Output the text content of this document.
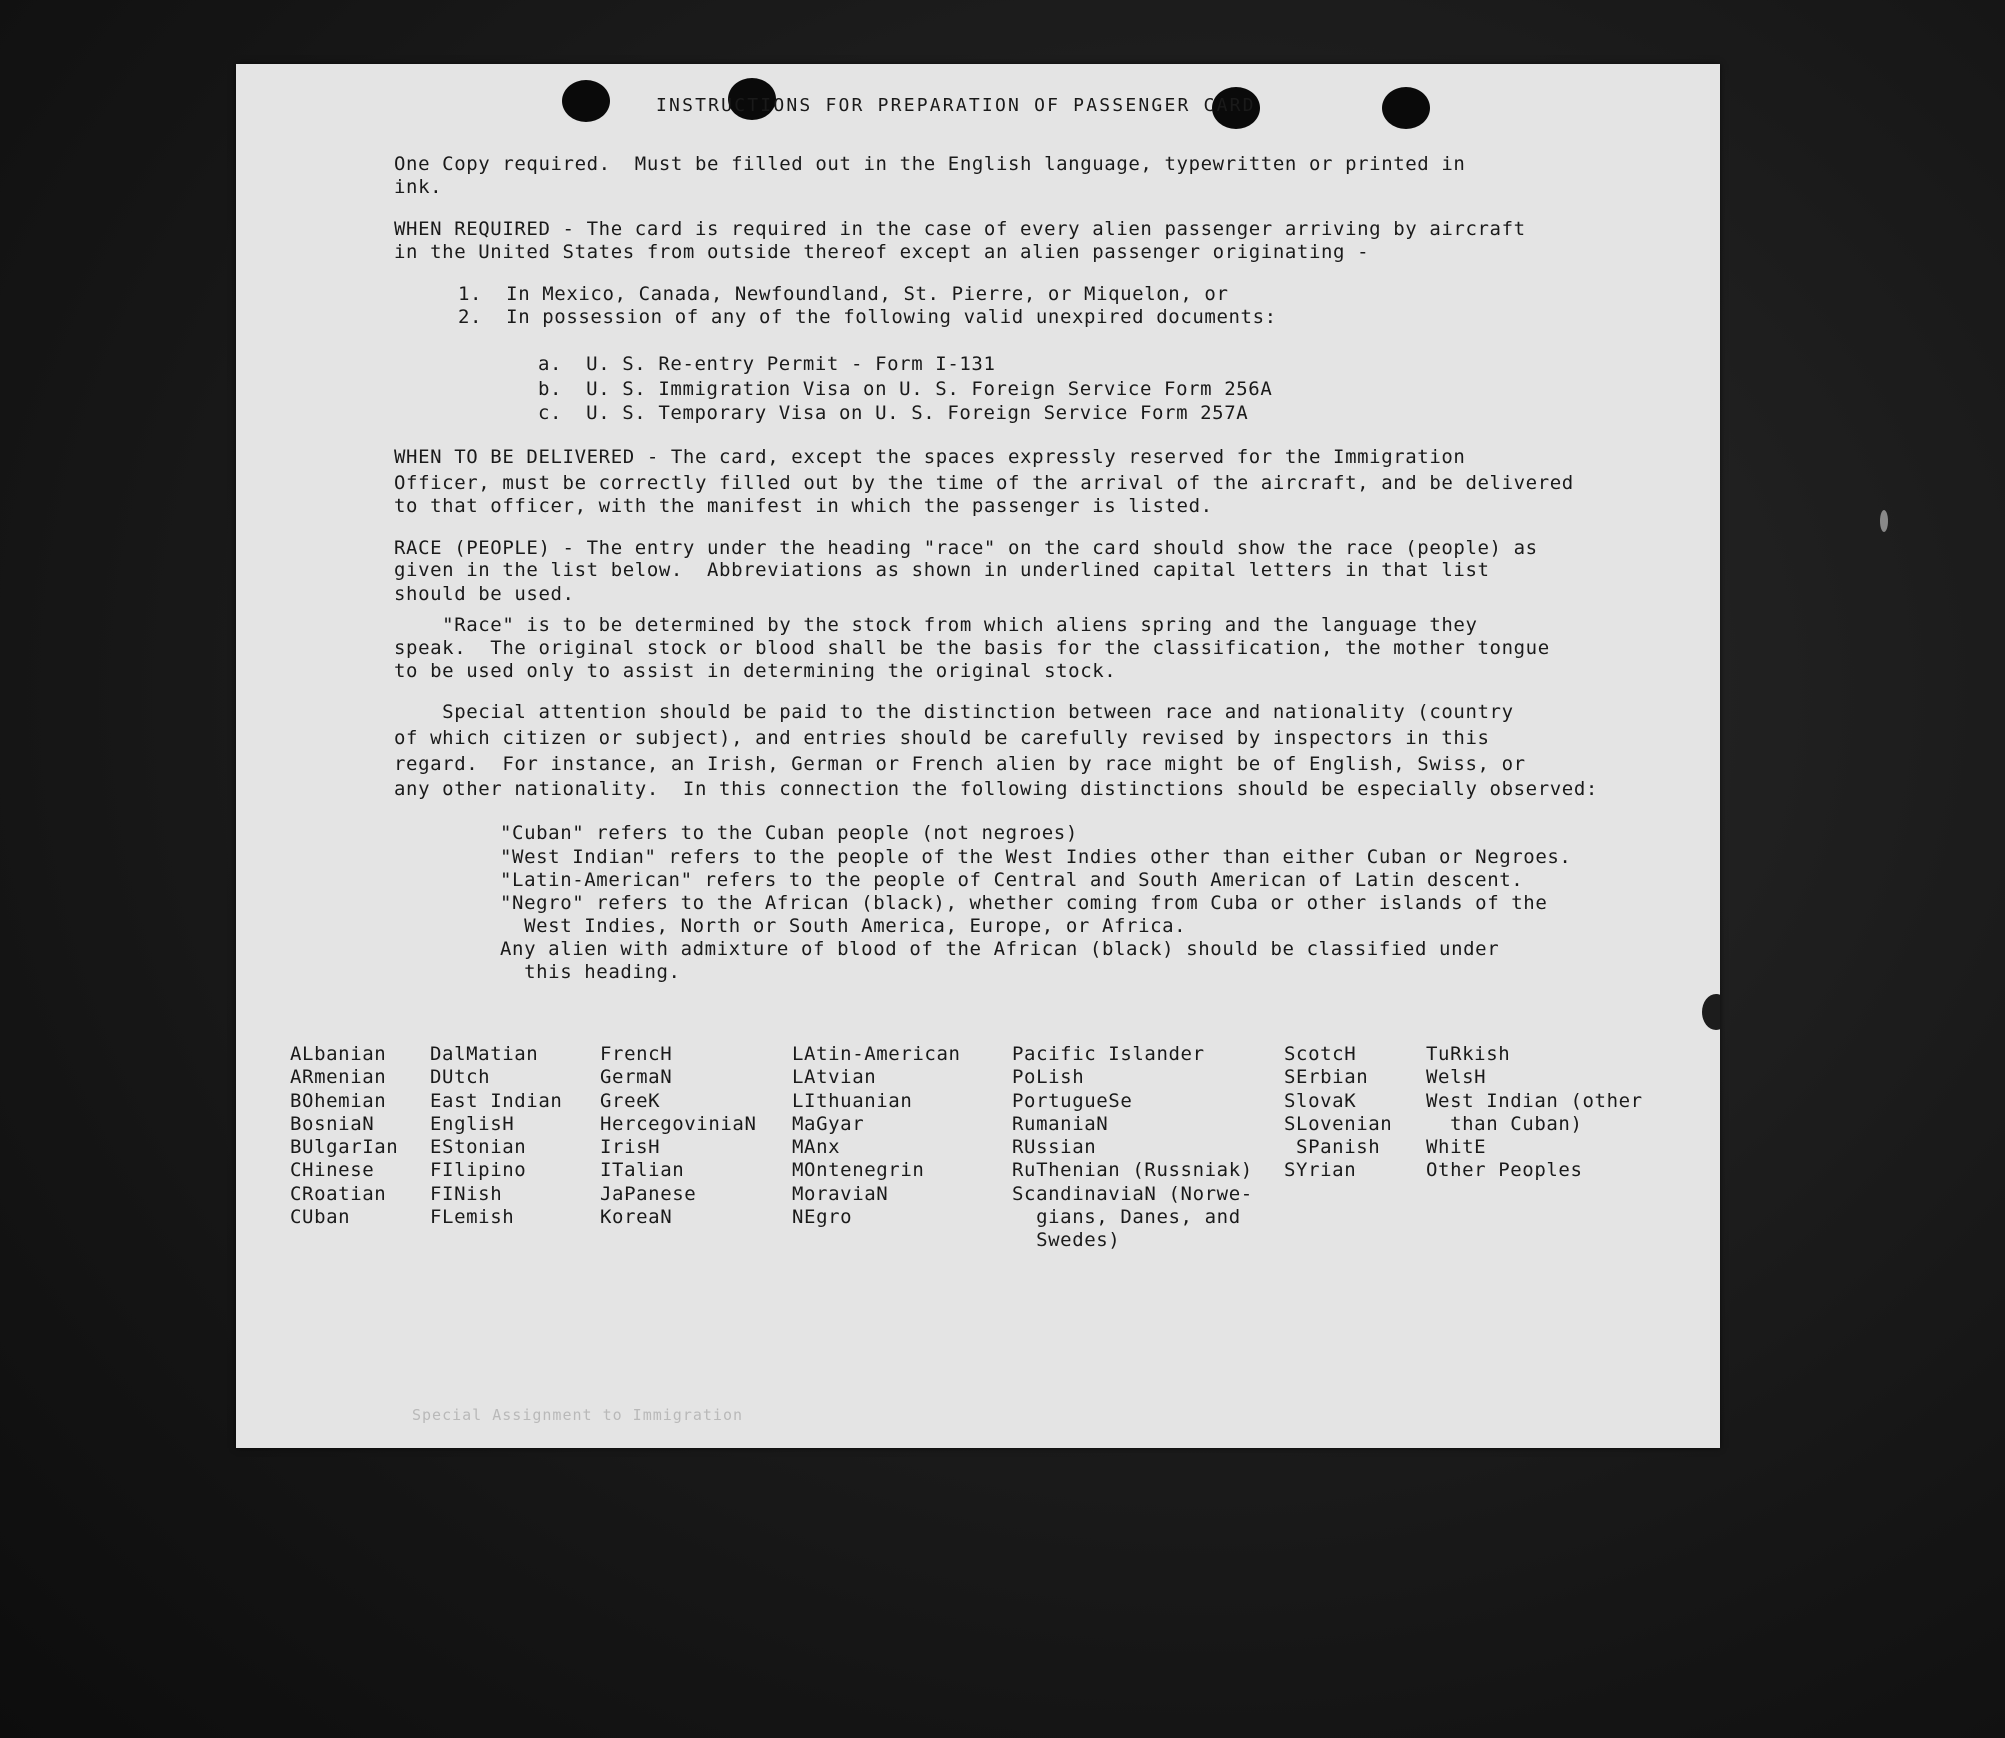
INSTRUCTIONS FOR PREPARATION OF PASSENGER CARD
One Copy required.  Must be filled out in the English language, typewritten or printed in
ink.
WHEN REQUIRED - The card is required in the case of every alien passenger arriving by aircraft
in the United States from outside thereof except an alien passenger originating -
1.  In Mexico, Canada, Newfoundland, St. Pierre, or Miquelon, or
2.  In possession of any of the following valid unexpired documents:
a.  U. S. Re-entry Permit - Form I-131
b.  U. S. Immigration Visa on U. S. Foreign Service Form 256A
c.  U. S. Temporary Visa on U. S. Foreign Service Form 257A
WHEN TO BE DELIVERED - The card, except the spaces expressly reserved for the Immigration
Officer, must be correctly filled out by the time of the arrival of the aircraft, and be delivered
to that officer, with the manifest in which the passenger is listed.
RACE (PEOPLE) - The entry under the heading "race" on the card should show the race (people) as
given in the list below.  Abbreviations as shown in underlined capital letters in that list
should be used.
"Race" is to be determined by the stock from which aliens spring and the language they
speak.  The original stock or blood shall be the basis for the classification, the mother tongue
to be used only to assist in determining the original stock.
Special attention should be paid to the distinction between race and nationality (country
of which citizen or subject), and entries should be carefully revised by inspectors in this
regard.  For instance, an Irish, German or French alien by race might be of English, Swiss, or
any other nationality.  In this connection the following distinctions should be especially observed:
"Cuban" refers to the Cuban people (not negroes)
"West Indian" refers to the people of the West Indies other than either Cuban or Negroes.
"Latin-American" refers to the people of Central and South American of Latin descent.
"Negro" refers to the African (black), whether coming from Cuba or other islands of the
West Indies, North or South America, Europe, or Africa.
Any alien with admixture of blood of the African (black) should be classified under
this heading.
ALbanian
ARmenian
BOhemian
BosniaN
BUlgarIan
CHinese
CRoatian
CUban
DalMatian
DUtch
East Indian
EnglisH
EStonian
FIlipino
FINish
FLemish
FrencH
GermaN
GreeK
HercegoviniaN
IrisH
ITalian
JaPanese
KoreaN
LAtin-American
LAtvian
LIthuanian
MaGyar
MAnx
MOntenegrin
MoraviaN
NEgro
Pacific Islander
PoLish
PortugueSe
RumaniaN
RUssian
RuThenian (Russniak)
ScandinaviaN (Norwe-
gians, Danes, and
Swedes)
ScotcH
SErbian
SlovaK
SLovenian
SPanish
SYrian
TuRkish
WelsH
West Indian (other
than Cuban)
WhitE
Other Peoples
Special Assignment to Immigration
